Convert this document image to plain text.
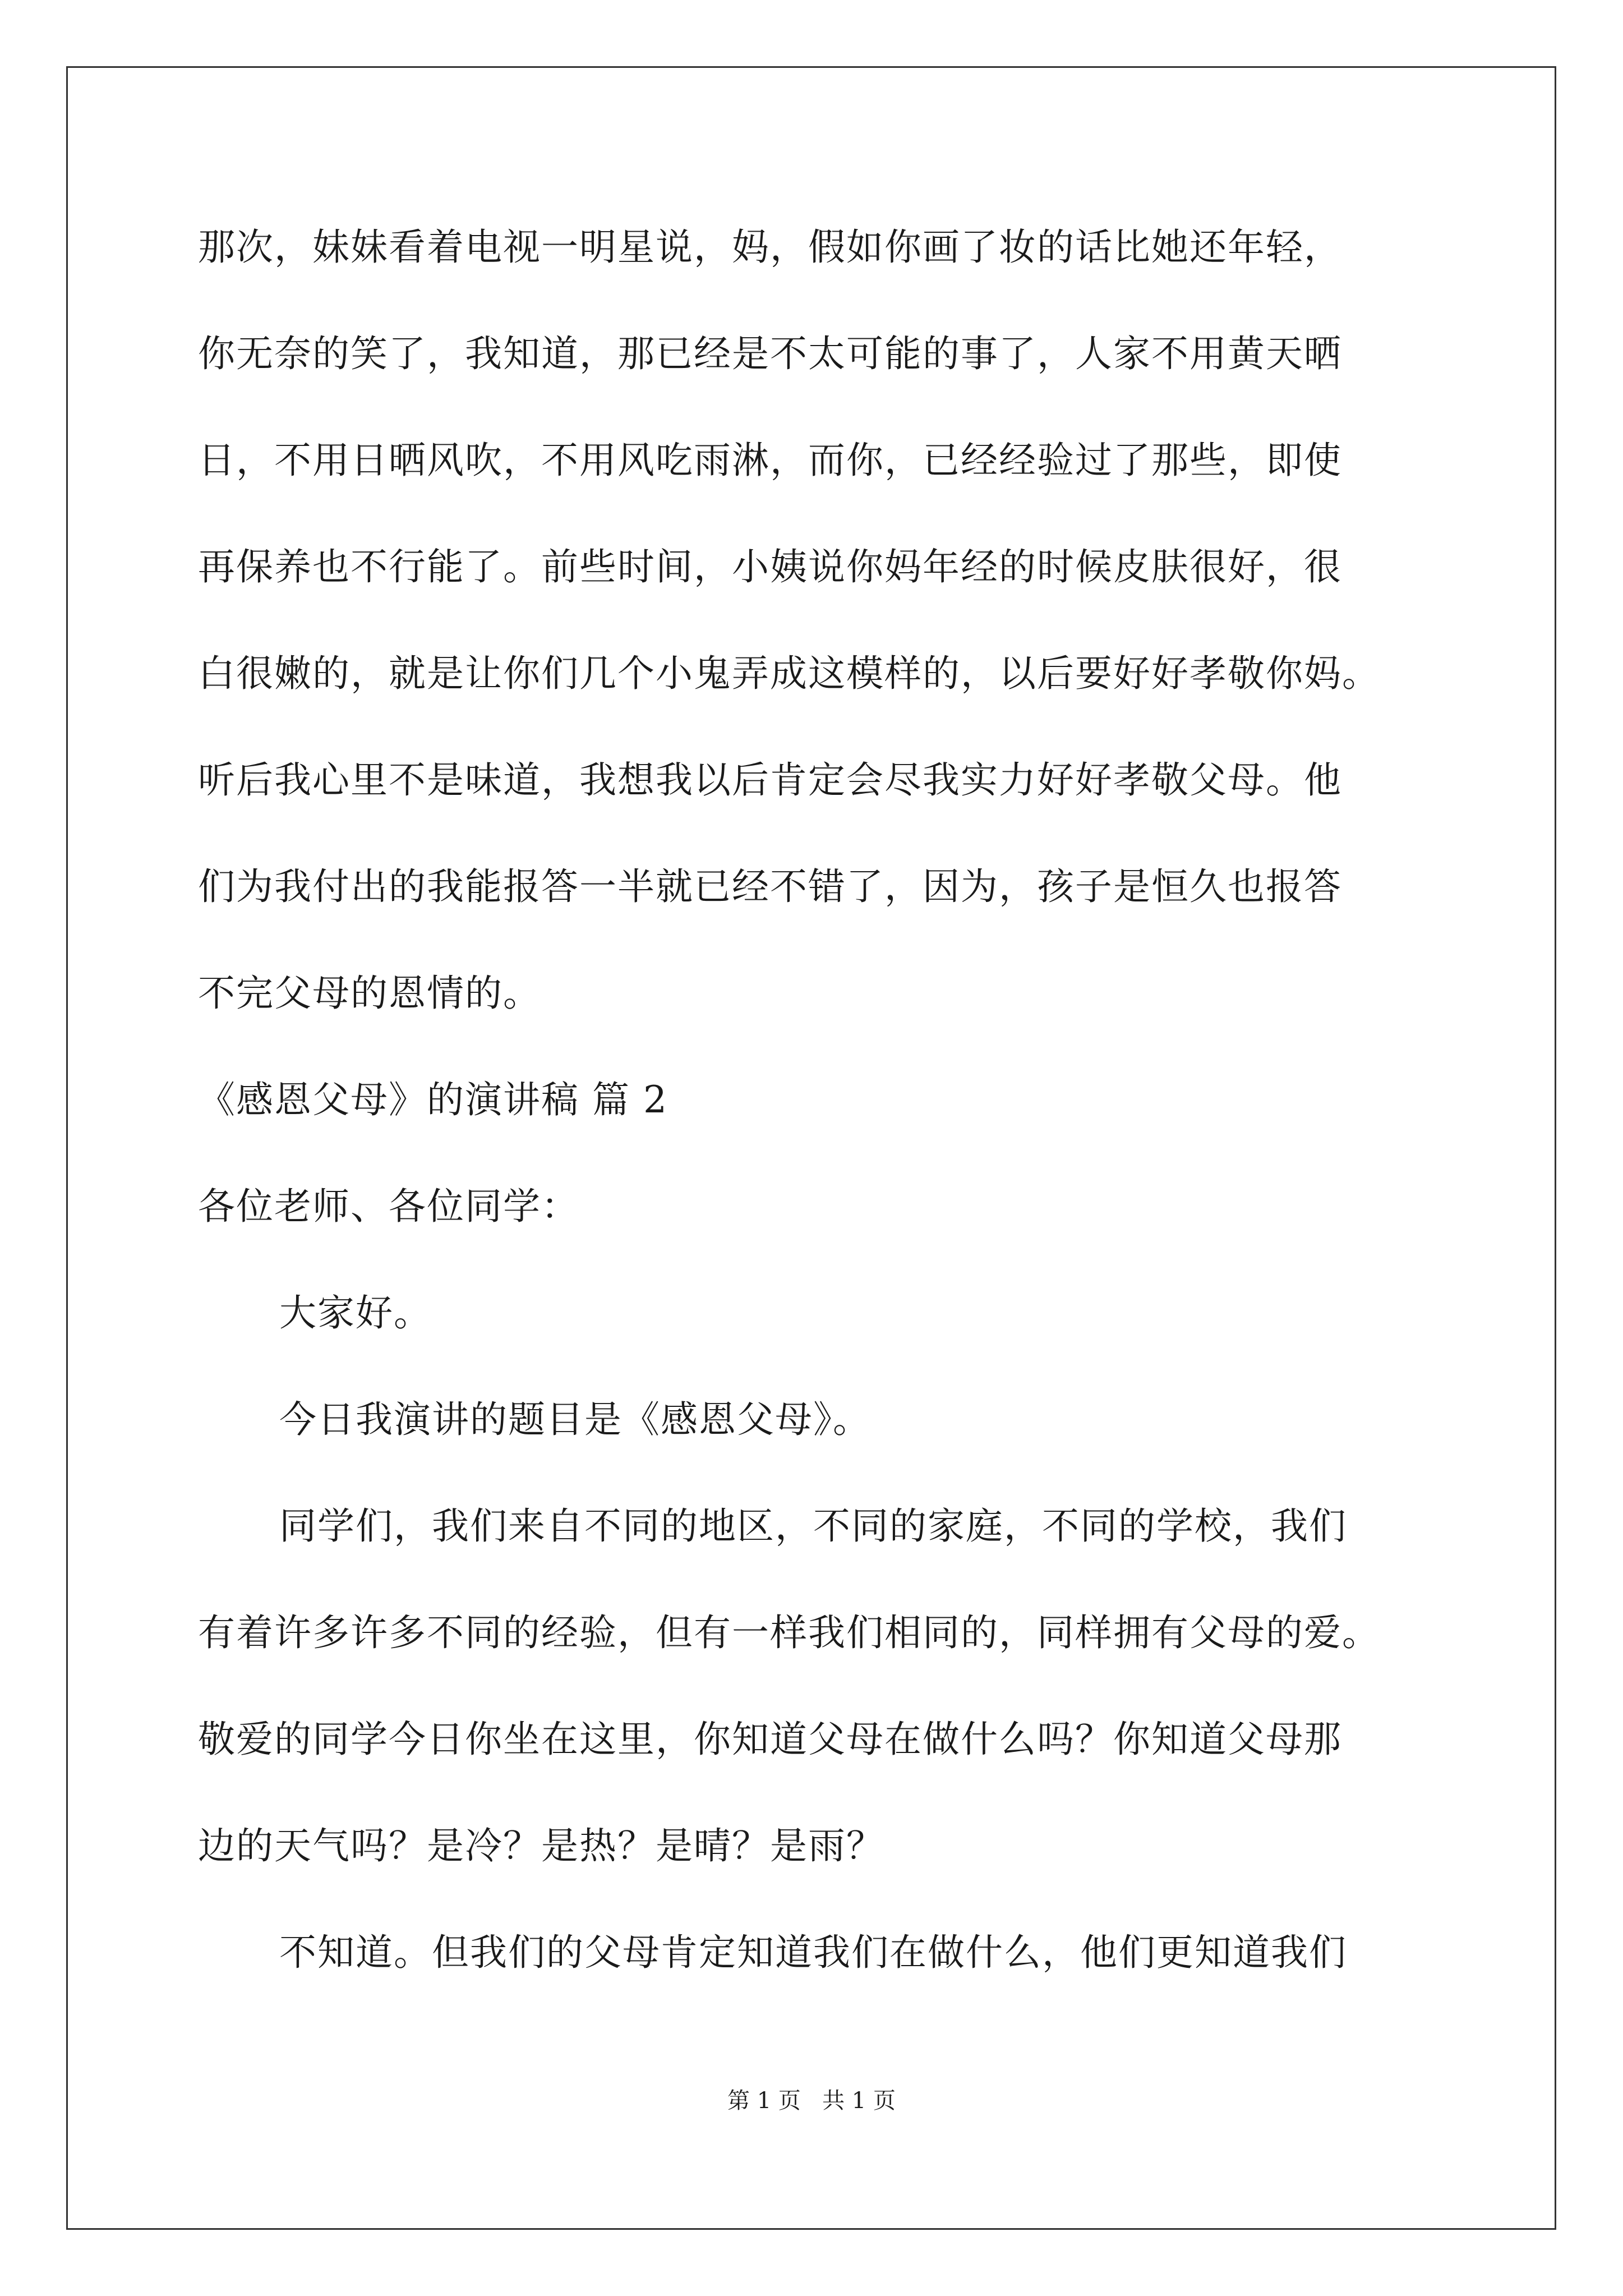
那次，妹妹看着电视一明星说，妈，假如你画了妆的话比她还年轻，
你无奈的笑了，我知道，那已经是不太可能的事了，人家不用黄天晒
日，不用日晒风吹，不用风吃雨淋，而你，已经经验过了那些，即使
再保养也不行能了。前些时间，小姨说你妈年经的时候皮肤很好，很
白很嫩的，就是让你们几个小鬼弄成这模样的，以后要好好孝敬你妈。
听后我心里不是味道，我想我以后肯定会尽我实力好好孝敬父母。他
们为我付出的我能报答一半就已经不错了，因为，孩子是恒久也报答
不完父母的恩情的。
《感恩父母》的演讲稿 篇 2
各位老师、各位同学：
大家好。
今日我演讲的题目是《感恩父母》。
同学们，我们来自不同的地区，不同的家庭，不同的学校，我们
有着许多许多不同的经验，但有一样我们相同的，同样拥有父母的爱。
敬爱的同学今日你坐在这里，你知道父母在做什么吗？你知道父母那
边的天气吗？是冷？是热？是晴？是雨？
不知道。但我们的父母肯定知道我们在做什么，他们更知道我们
第 1 页   共 1 页
